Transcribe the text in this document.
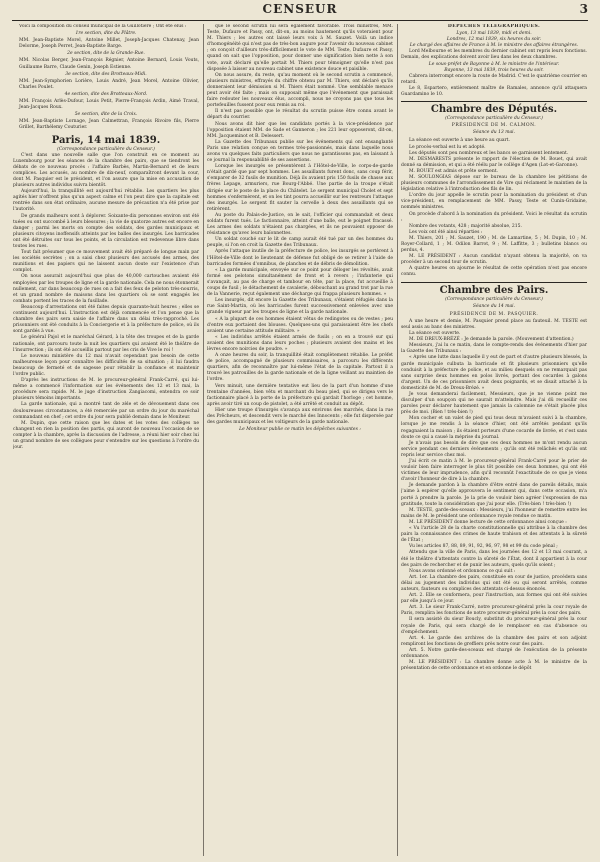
CENSEUR	3

Voici la composition du conseil municipal de la Guillotière ; Ont été élus :

1re section, dite du Plâtre.

MM. Jean-Baptiste Morel, Antoine Millet, Joseph-Jacques Chatenay, Jean Delorme, Joseph Perret, Jean-Baptiste Barge.

2e section, dite de la Grande-Rue.

MM. Nicolas Berger, Jean-François Régnier, Antoine Bernard, Louis Vouts, Guillaume Barre, Claude Genin, Joseph Estienne.

3e section, dite des Brotteaux-Midi.

MM. Jean-Symphorien Lorière, Louis André, Jean Morel, Antoine Olivier, Charles Poulet.

4e section, dite des Brotteaux-Nord.

MM. François Arlès-Dufour, Louis Petit, Pierre-François Ardin, Aimé Traval, Jean-Jacques Roux.

5e section, dite de la Croix.

MM. Jean-Baptiste Lornage, Jean Calmettran, François Rivoire fils, Pierre Grillet, Barthélemy Couturier.

Paris, 14 mai 1839.

(Correspondance particulière du Censeur.)

C'est dans une nouvelle salle que l'on construit en ce moment au Luxembourg pour les séances de la chambre des pairs, que se tiendront les débats de ce nouveau procès : l'affaire Barbès, Martin-Bernard et de leurs complices. Les accusés, au nombre de dix-neuf, comparaîtront devant la cour, dont M. Pasquier est le président, et l'on assure que la mise en accusation de plusieurs autres individus suivra bientôt.

Aujourd'hui, la tranquillité est aujourd'hui rétablie. Les quartiers les plus agités hier n'offrent plus qu'un aspect calme et l'on peut dire que la capitale est rentrée dans son état ordinaire, aucune mesure de précaution n'a été prise par l'autorité.

De grands malheurs sont à déplorer. Soixante-dix personnes environ ont été tuées ou ont succombé à leurs blessures ; la vie de quatorze autres est encore en danger ; parmi les morts on compte des soldats, des gardes municipaux et plusieurs citoyens inoffensifs atteints par les balles des insurgés. Les barricades ont été détruites sur tous les points, et la circulation est redevenue libre dans toutes les rues.

Tout fait présumer que ce mouvement avait été préparé de longue main par les sociétés secrètes ; on a saisi chez plusieurs des accusés des armes, des munitions et des papiers qui ne laissent aucun doute sur l'existence d'un complot.

On nous assurait aujourd'hui que plus de 40,000 cartouches avaient été employées par les troupes de ligne et la garde nationale. Cela ne nous étonnerait nullement, car dans beaucoup de rues on a fait des feux de peloton très-nourris, et un grand nombre de maisons dans les quartiers où se sont engagés les combats portent les traces de la fusillade.

Beaucoup d'arrestations ont été faites depuis quarante-huit heures ; elles se continuent aujourd'hui. L'instruction est déjà commencée et l'on pense que la chambre des pairs sera saisie de l'affaire dans un délai très-rapproché. Les prisonniers ont été conduits à la Conciergerie et à la préfecture de police, où ils sont gardés à vue.

Le général Pajol et le maréchal Gérard, à la tête des troupes et de la garde nationale, ont parcouru toute la nuit les quartiers qui avaient été le théâtre de l'insurrection ; ils ont été accueillis partout par les cris de Vive le roi !

Le nouveau ministère du 12 mai n'avait cependant pas besoin de cette malheureuse leçon pour connaître les difficultés de sa situation ; il lui faudra beaucoup de fermeté et de sagesse pour rétablir la confiance et maintenir l'ordre public.

D'après les instructions de M. le procureur-général Frank-Carré, qui lui-même a commencé l'information sur les événements des 12 et 13 mai, la procédure sera rapide. M. le juge d'instruction Zangiacomi, entendra ce soir plusieurs témoins importants.

La garde nationale, qui a montré tant de zèle et de dévouement dans ces douloureuses circonstances, a été remerciée par un ordre du jour du maréchal commandant en chef ; cet ordre du jour sera publié demain dans le Moniteur.

M. Dupin, que cette raison que les dates et les votes des collèges ne changent en rien la position des partis, qui auront de nouveau l'occasion de se compter à la chambre, après la discussion de l'adresse, a réuni hier soir chez lui un grand nombre de ses collègues pour s'entendre sur les questions à l'ordre du jour.

que le second scrutin lui sera également favorable. Trois ministres, MM. Teste, Dufaure et Passy, ont, dit-on, au moins hautement qu'ils voteraient pour M. Thiers ; les autres ont laissé leurs voix à M. Sauzet. Voilà un indice d'homogénéité qui n'est pas de très-bon augure pour l'avenir du nouveau cabinet ; on conçoit d'ailleurs très-difficilement le vote de MM. Teste, Dufaure et Passy, quand on sait que l'opposition, pour donner une signification bien nette à son vote, avait déclaré qu'elle portait M. Thiers pour témoigner qu'elle n'est pas disposée à laisser au nouveau cabinet une existence douce et paisible.

On nous assure, du reste, qu'au moment où le second scrutin a commencé, plusieurs ministres, effrayés du chiffre obtenu par M. Thiers, ont déclaré qu'ils donneraient leur démission si M. Thiers était nommé. Une semblable menace peut avoir été faite ; mais on supposait même que l'événement que paraissait faire redouter les nouveaux élus, accompli, nous ne croyons pas que tous les portefeuilles fussent pour eux remis au roi.

Il n'est pas possible que le résultat du scrutin puisse être connu avant le départ du courrier.

Nous avons dit hier que les candidats portés à la vice-présidence par l'opposition étaient MM. de Sade et Ganneron ; les 221 leur opposeront, dit-on, MM. Jacqueminot et B. Delessert.

La Gazette des Tribunaux publie sur les événements qui ont ensanglanté Paris une relation conçue en termes très-passionnés, mais dans laquelle nous avons vu quelques faits particuliers que nous ne garantissons pas, en laissant à ce journal la responsabilité de ses assertions.

Lorsque les insurgés se présentèrent à l'Hôtel-de-Ville, le corps-de-garde n'était gardé que par sept hommes. Les assaillants furent donc, sans coup férir, s'emparer de 32 fusils de munition. Déjà ils avaient pris 150 fusils de chasse aux frères Lepage, armuriers, rue Bourg-l'Abbé. Une partie de la troupe s'était dirigée sur le poste de la place du Châtelet. Le sergent municipal Cholet et sept hommes s'enfermèrent, et on les tint pourra accueillir sur les rentreurs l'attaque des insurgés. Le sergent fit sauter la cervelle à deux des assaillants qui se retirèrent.

Au poste du Palais-de-Justice, on le sait, l'officier qui commandait et deux soldats furent tués. Le factionnaire, atteint d'une balle, eut le poignet fracassé. Les armes des soldats n'étaient pas chargées, et ils ne pouvaient opposer de résistance qu'avec leurs baïonnettes.

Un soldat couché sur le lit de camp aurait été tué par un des hommes du peuple, si l'on en croit la Gazette des Tribunaux.

Après l'attaque inutile de la préfecture de police, les insurgés se portèrent à l'Hôtel-de-Ville dont le lieutenant de défense fut obligé de se retirer à l'aide de barricades formées d'omnibus, de planches et de débris de démolition.

« La garde municipale, envoyée sur ce point pour déloger les révoltés, avait formé ses pelotons simultanément de front et à revers ; l'infanterie qui s'avançait, au pas de charge et tambour en tête, par la place, fut accueillie à coups de fusil ; le détachement de cavalerie, débouchant au grand trot par la rue de la Vannerie, reçut également une décharge qui frappa plusieurs hommes. »

Les insurgés, dit encore la Gazette des Tribunaux, s'étaient réfugiés dans la rue Saint-Martin, où les barricades furent successivement enlevées avec une grande vigueur par les troupes de ligne et la garde nationale.

« A la plupart de ces hommes étaient vêtus de redingotes ou de vestes ; peu d'entre eux portaient des blouses. Quelques-uns qui paraissaient être les chefs avaient une certaine attitude militaire. »

« Les individus arrêtés étaient armés de fusils ; on en a trouvé sur qui avaient des munitions dans leurs poches ; plusieurs avaient des mains et les lèvres encore noircies de poudre. »

A onze heures du soir, la tranquillité était complètement rétablie. Le préfet de police, accompagné de plusieurs commissaires, a parcouru les différents quartiers, afin de reconnaître par lui-même l'état de la capitale. Partout il a trouvé les patrouilles de la garde nationale et de la ligne veillant au maintien de l'ordre.

Vers minuit, une dernière tentative eut lieu de la part d'un homme d'une trentaine d'années, bien vêtu et marchant du beau pied, qui se dirigea vers le factionnaire placé à la porte de la préfecture qui gardait l'horloge ; cet homme, après avoir tiré un coup de pistolet, a été arrêté et conduit au dépôt.

Hier une troupe d'insurgés s'avança aux environs des marchés, dans la rue des Prêcheurs, et descendit vers le marché des Innocents ; elle fut dispersée par des gardes municipaux et les voltigeurs de la garde nationale.

Le Moniteur publie ce matin les dépêches suivantes :

DÉPÊCHES TÉLÉGRAPHIQUES.

Lyon, 13 mai 1839, midi et demi.

Londres, 12 mai 1839, six heures du soir.

Le chargé des affaires de France à M. le ministre des affaires étrangères.

Lord Melbourne et les membres du dernier cabinet ont repris leurs fonctions. Demain, des explications doivent avoir lieu dans les deux chambres.

Le sous-préfet de Bayonne à M. le ministre de l'intérieur.

Bayonne, 13 mai 1839, trois heures du soir.

Cabrera interrompt encore la route de Madrid. C'est le quatrième courrier en retard.

Le 8, Espartero, entièrement maître de Ramales, annonce qu'il attaquera Guardamino le 10.

Chambre des Députés.

(Correspondance particulière du Censeur.)

PRÉSIDENCE DE M. CALMON.

Séance du 13 mai.

La séance est ouverte à une heure au quart.

Le procès-verbal est lu et adopté.

Les députés sont peu nombreux et les bancs se garnissent lentement.

M. DESMARESTS présente le rapport de l'élection de M. Bouet, qui avait donné sa démission, et qui a été réélu par le collège d'Agen (Lot-et-Garonne).

M. BOUET est admis et prête serment.

M. SOULONGIAS dépose sur le bureau de la chambre les pétitions de plusieurs communes de l'arrondissement de Vire qui réclament le maintien de la législation relative à l'introduction des fils de lin.

L'ordre du jour appelle le scrutin pour la nomination du président et d'un vice-président, en remplacement de MM. Passy, Teste et Cunin-Gridaine, nommés ministres.

On procède d'abord à la nomination du président. Voici le résultat du scrutin :

Nombre des votants, 428 ; majorité absolue, 215.

Les voix ont été ainsi réparties :

M. Thiers, 201 ; M. Sauzet, 190 ; M. de Lamartine, 5 ; M. Dupin, 10 ; M. Royer-Collard, 1 ; M. Odilon Barrot, 9 ; M. Laffitte, 3 ; bulletins blancs ou perdus, 4.

M. LE PRÉSIDENT : Aucun candidat n'ayant obtenu la majorité, on va procéder à un second tour de scrutin.

A quatre heures on ajourne le résultat de cette opération n'est pas encore connu.

Chambre des Pairs.

(Correspondance particulière du Censeur.)

Séance du 14 mai.

PRÉSIDENCE DE M. PASQUIER.

A une heure et demie, M. Pasquier prend place au fauteuil. M. TESTE est seul assis au banc des ministres.

La séance est ouverte.

M. DE DREUX-BRÉZÉ : Je demande la parole. (Mouvement d'attention.)

Messieurs, j'ai lu ce matin, dans le compte-rendu des événements d'hier par la Gazette des Tribunaux :

« Après une lutte dans laquelle il y eut de part et d'autre plusieurs blessés, la garde municipale culbuta la barricade et fit plusieurs prisonniers qu'elle conduisit à la préfecture de police, et au milieu desquels on ne remarquait pas sans surprise deux hommes en polos livrés, portant des cocardes à galons d'argent. Un de ces prisonniers avait deux poignards, et se disait attaché à la domesticité de M. de Dreux-Brézé. »

Je vous demanderai facilement, Messieurs, que je ne vienne point me disculper d'un soupçon qui ne saurait m'atteindre. Mais j'ai dû recueillir ces paroles pour déclarer hautement que jamais la calomnie ne s'était placée plus près de moi. (Bien ! très-bien !)

Mon cocher et un valet de pied qui tous deux m'avaient suivi à la chambre, lorsque je me rendis à la séance d'hier, ont été arrêtés pendant qu'ils regagnaient la maison ; ils étaient porteurs d'une cocarde de livrée, et c'est sans doute ce qui a causé la méprise du journal.

Je n'avais pas besoin de dire que ces deux hommes ne m'ont rendu aucun service pendant ces derniers événements ; qu'ils ont été relâchés et qu'ils ont repris leur service chez moi.

J'ai écrit ce matin à M. le procureur-général Frank-Carré pour le prier de vouloir bien faire interroger le plus tôt possible ces deux hommes, qui ont été victimes de leur imprudence, afin qu'il reconnût l'exactitude de ce que je viens d'avoir l'honneur de dire à la chambre.

Je demande pardon à la chambre d'être entré dans de pareils détails, mais j'aime à espérer qu'elle approuvera le sentiment qui, dans cette occasion, m'a porté à prendre la parole. Je la prie de vouloir bien agréer l'expression de ma gratitude, toute la considération que j'ai pour elle. (Très-bien ! très-bien !)

M. TESTE, garde-des-sceaux : Messieurs, j'ai l'honneur de remettre entre les mains de M. le président une ordonnance royale rendue ce matin.

M. LE PRÉSIDENT donne lecture de cette ordonnance ainsi conçue :

« Vu l'article 28 de la charte constitutionnelle qui attribue à la chambre des pairs la connaissance des crimes de haute trahison et des attentats à la sûreté de l'État ;

Vu les articles 87, 88, 89, 91, 92, 96, 97, 98 et 99 du code pénal ;

Attendu que la ville de Paris, dans les journées des 12 et 13 mai courant, a été le théâtre d'attentats contre la sûreté de l'État, dont il appartient à la cour des pairs de rechercher et de punir les auteurs, quels qu'ils soient ;

Nous avons ordonné et ordonnons ce qui suit :

Art. 1er. La chambre des pairs, constituée en cour de justice, procédera sans délai au jugement des individus qui ont été ou qui seront arrêtés, comme auteurs, fauteurs ou complices des attentats ci-dessus énoncés.

Art. 2. Elle se conformera, pour l'instruction, aux formes qui ont été suivies par elle jusqu'à ce jour.

Art. 3. Le sieur Frank-Carré, notre procureur-général près la cour royale de Paris, remplira les fonctions de notre procureur-général près la cour des pairs.

Il sera assisté du sieur Boucly, substitut du procureur-général près la cour royale de Paris, qui sera chargé de le remplacer en cas d'absence ou d'empêchement.

Art. 4. Le garde des archives de la chambre des pairs et son adjoint rempliront les fonctions de greffiers près notre cour des pairs.

Art. 5. Notre garde-des-sceaux est chargé de l'exécution de la présente ordonnance.

M. LE PRÉSIDENT : La chambre donne acte à M. le ministre de la présentation de cette ordonnance et en ordonne le dépôt
